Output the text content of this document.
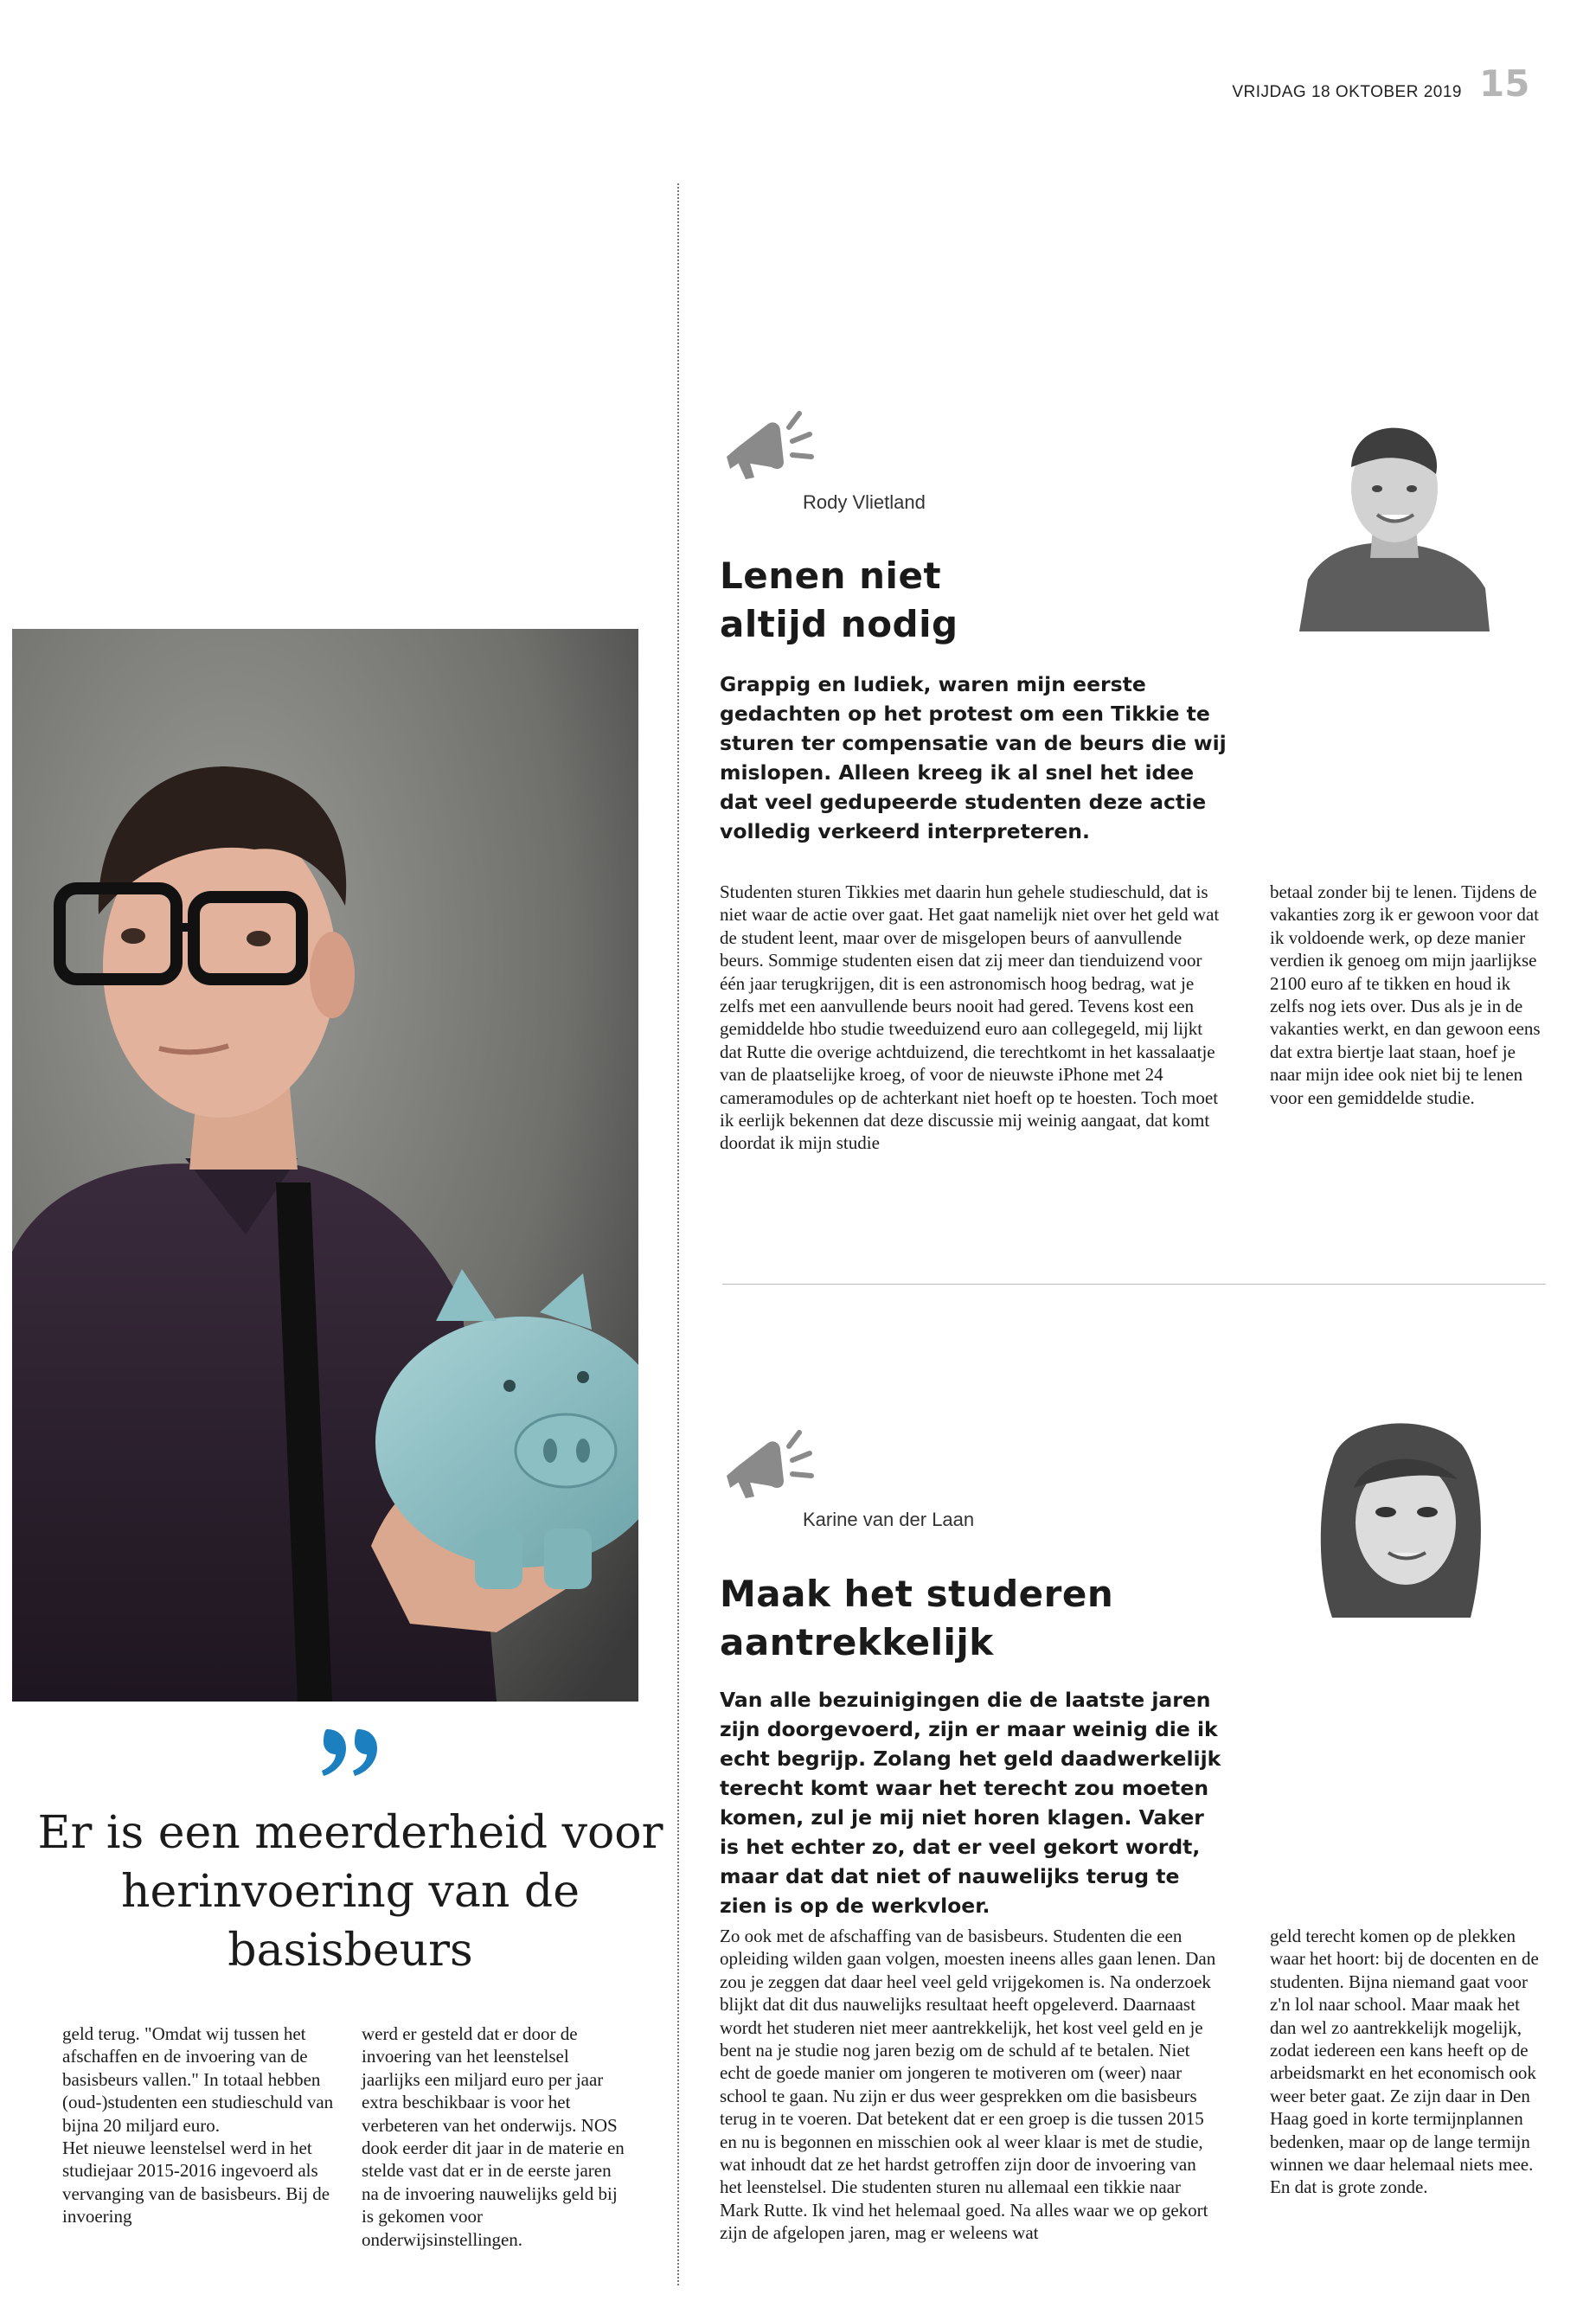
VRIJDAG 18 OKTOBER 2019 15
Er is een meerderheid voor herinvoering van de basisbeurs

geld terug. "Omdat wij tussen het afschaffen en de invoering van de basisbeurs vallen." In totaal hebben (oud-)studenten een studieschuld van bijna 20 miljard euro.

Het nieuwe leenstelsel werd in het studiejaar 2015-2016 ingevoerd als vervanging van de basisbeurs. Bij de invoering

werd er gesteld dat er door de invoering van het leenstelsel jaarlijks een miljard euro per jaar extra beschikbaar is voor het verbeteren van het onderwijs. NOS dook eerder dit jaar in de materie en stelde vast dat er in de eerste jaren na de invoering nauwelijks geld bij is gekomen voor onderwijsinstellingen.
Rody Vlietland
Lenen niet
altijd nodig
Grappig en ludiek, waren mijn eerste gedachten op het protest om een Tikkie te sturen ter compensatie van de beurs die wij mislopen. Alleen kreeg ik al snel het idee dat veel gedupeerde studenten deze actie volledig verkeerd interpreteren.
Studenten sturen Tikkies met daarin hun gehele studieschuld, dat is niet waar de actie over gaat. Het gaat namelijk niet over het geld wat de student leent, maar over de misgelopen beurs of aanvullende beurs. Sommige studenten eisen dat zij meer dan tienduizend voor één jaar terugkrijgen, dit is een astronomisch hoog bedrag, wat je zelfs met een aanvullende beurs nooit had gered. Tevens kost een gemiddelde hbo studie tweeduizend euro aan collegegeld, mij lijkt dat Rutte die overige achtduizend, die terechtkomt in het kassalaatje van de plaatselijke kroeg, of voor de nieuwste iPhone met 24 cameramodules op de achterkant niet hoeft op te hoesten. Toch moet ik eerlijk bekennen dat deze discussie mij weinig aangaat, dat komt doordat ik mijn studie
betaal zonder bij te lenen. Tijdens de vakanties zorg ik er gewoon voor dat ik voldoende werk, op deze manier verdien ik genoeg om mijn jaarlijkse 2100 euro af te tikken en houd ik zelfs nog iets over. Dus als je in de vakanties werkt, en dan gewoon eens dat extra biertje laat staan, hoef je naar mijn idee ook niet bij te lenen voor een gemiddelde studie.
Karine van der Laan
Maak het studeren
aantrekkelijk
Van alle bezuinigingen die de laatste jaren zijn doorgevoerd, zijn er maar weinig die ik echt begrijp. Zolang het geld daadwerkelijk terecht komt waar het terecht zou moeten komen, zul je mij niet horen klagen. Vaker is het echter zo, dat er veel gekort wordt, maar dat dat niet of nauwelijks terug te zien is op de werkvloer.
Zo ook met de afschaffing van de basisbeurs. Studenten die een opleiding wilden gaan volgen, moesten ineens alles gaan lenen. Dan zou je zeggen dat daar heel veel geld vrijgekomen is. Na onderzoek blijkt dat dit dus nauwelijks resultaat heeft opgeleverd. Daarnaast wordt het studeren niet meer aantrekkelijk, het kost veel geld en je bent na je studie nog jaren bezig om de schuld af te betalen. Niet echt de goede manier om jongeren te motiveren om (weer) naar school te gaan. Nu zijn er dus weer gesprekken om die basisbeurs terug in te voeren. Dat betekent dat er een groep is die tussen 2015 en nu is begonnen en misschien ook al weer klaar is met de studie, wat inhoudt dat ze het hardst getroffen zijn door de invoering van het leenstelsel. Die studenten sturen nu allemaal een tikkie naar Mark Rutte. Ik vind het helemaal goed. Na alles waar we op gekort zijn de afgelopen jaren, mag er weleens wat
geld terecht komen op de plekken waar het hoort: bij de docenten en de studenten. Bijna niemand gaat voor z'n lol naar school. Maar maak het dan wel zo aantrekkelijk mogelijk, zodat iedereen een kans heeft op de arbeidsmarkt en het economisch ook weer beter gaat. Ze zijn daar in Den Haag goed in korte termijnplannen bedenken, maar op de lange termijn winnen we daar helemaal niets mee. En dat is grote zonde.
